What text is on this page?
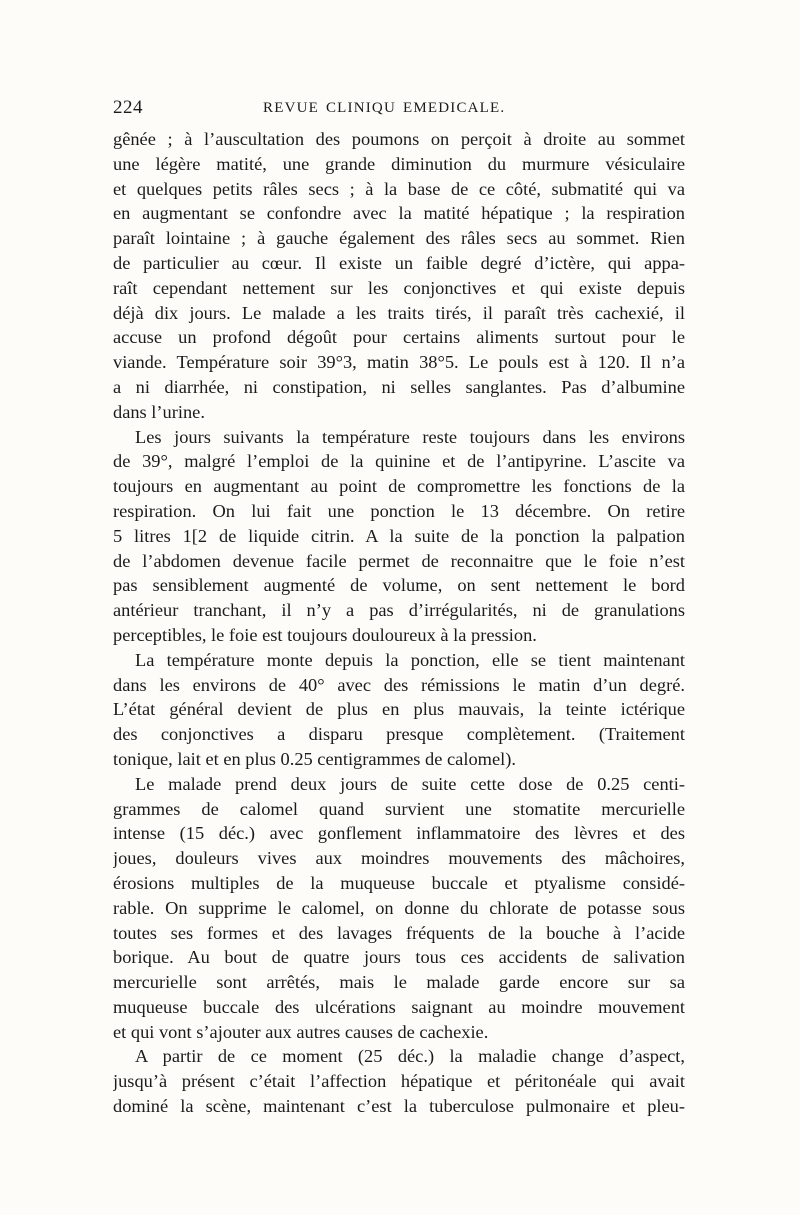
224	REVUE CLINIQU EMEDICALE.
gênée ; à l’auscultation des poumons on perçoit à droite au sommet
une légère matité, une grande diminution du murmure vésiculaire
et quelques petits râles secs ; à la base de ce côté, submatité qui va
en augmentant se confondre avec la matité hépatique ; la respiration
paraît lointaine ; à gauche également des râles secs au sommet. Rien
de particulier au cœur. Il existe un faible degré d’ictère, qui appa-
raît cependant nettement sur les conjonctives et qui existe depuis
déjà dix jours. Le malade a les traits tirés, il paraît très cachexié, il
accuse un profond dégoût pour certains aliments surtout pour le
viande. Température soir 39°3, matin 38°5. Le pouls est à 120. Il n’a
a ni diarrhée, ni constipation, ni selles sanglantes. Pas d’albumine
dans l’urine.
Les jours suivants la température reste toujours dans les environs
de 39°, malgré l’emploi de la quinine et de l’antipyrine. L’ascite va
toujours en augmentant au point de compromettre les fonctions de la
respiration. On lui fait une ponction le 13 décembre. On retire
5 litres 1[2 de liquide citrin. A la suite de la ponction la palpation
de l’abdomen devenue facile permet de reconnaitre que le foie n’est
pas sensiblement augmenté de volume, on sent nettement le bord
antérieur tranchant, il n’y a pas d’irrégularités, ni de granulations
perceptibles, le foie est toujours douloureux à la pression.
La température monte depuis la ponction, elle se tient maintenant
dans les environs de 40° avec des rémissions le matin d’un degré.
L’état général devient de plus en plus mauvais, la teinte ictérique
des conjonctives a disparu presque complètement. (Traitement
tonique, lait et en plus 0.25 centigrammes de calomel).
Le malade prend deux jours de suite cette dose de 0.25 centi-
grammes de calomel quand survient une stomatite mercurielle
intense (15 déc.) avec gonflement inflammatoire des lèvres et des
joues, douleurs vives aux moindres mouvements des mâchoires,
érosions multiples de la muqueuse buccale et ptyalisme considé-
rable. On supprime le calomel, on donne du chlorate de potasse sous
toutes ses formes et des lavages fréquents de la bouche à l’acide
borique. Au bout de quatre jours tous ces accidents de salivation
mercurielle sont arrêtés, mais le malade garde encore sur sa
muqueuse buccale des ulcérations saignant au moindre mouvement
et qui vont s’ajouter aux autres causes de cachexie.
A partir de ce moment (25 déc.) la maladie change d’aspect,
jusqu’à présent c’était l’affection hépatique et péritonéale qui avait
dominé la scène, maintenant c’est la tuberculose pulmonaire et pleu-
